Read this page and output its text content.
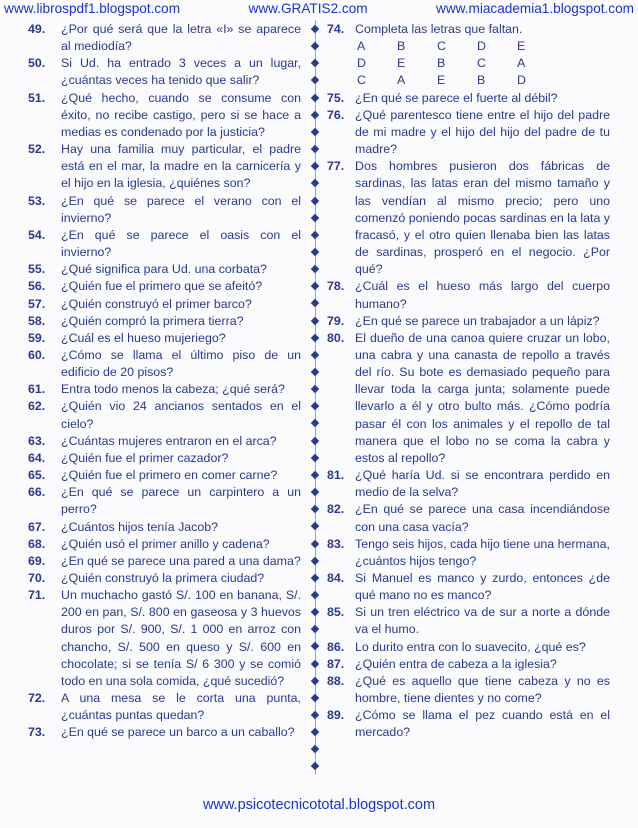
www.librospdf1.blogspot.com	www.GRATIS2.com	www.miacademia1.blogspot.com
49.	¿Por qué será que la letra «I» se aparece al mediodía?
50.	Si Ud. ha entrado 3 veces a un lugar, ¿cuántas veces ha tenido que salir?
51.	¿Qué hecho, cuando se consume con éxito, no recibe castigo, pero si se hace a medias es condenado por la justicia?
52.	Hay una familia muy particular, el padre está en el mar, la madre en la carnicería y el hijo en la iglesia, ¿quiénes son?
53.	¿En qué se parece el verano con el invierno?
54.	¿En qué se parece el oasis con el invierno?
55.	¿Qué significa para Ud. una corbata?
56.	¿Quién fue el primero que se afeitó?
57.	¿Quién construyó el primer barco?
58.	¿Quién compró la primera tierra?
59.	¿Cuál es el hueso mujeriego?
60.	¿Cómo se llama el último piso de un edificio de 20 pisos?
61.	Entra todo menos la cabeza; ¿qué será?
62.	¿Quién vio 24 ancianos sentados en el cielo?
63.	¿Cuántas mujeres entraron en el arca?
64.	¿Quién fue el primer cazador?
65.	¿Quién fue el primero en comer carne?
66.	¿En qué se parece un carpintero a un perro?
67.	¿Cuántos hijos tenía Jacob?
68.	¿Quién usó el primer anillo y cadena?
69.	¿En qué se parece una pared a una dama?
70.	¿Quién construyó la primera ciudad?
71.	Un muchacho gastó S/. 100 en banana, S/. 200 en pan, S/. 800 en gaseosa y 3 huevos duros por S/. 900, S/. 1 000 en arroz con chancho, S/. 500 en queso y S/. 600 en chocolate; si se tenía S/ 6 300 y se comió todo en una sola comida, ¿qué sucedió?
72.	A una mesa se le corta una punta, ¿cuántas puntas quedan?
73.	¿En qué se parece un barco a un caballo?
74. Completa las letras que faltan.
A	B	C	D	E
D	E	B	C	A
C	A	E	B	D
75. ¿En qué se parece el fuerte al débil?
76. ¿Qué parentesco tiene entre el hijo del padre de mi madre y el hijo del hijo del padre de tu madre?
77. Dos hombres pusieron dos fábricas de sardinas, las latas eran del mismo tamaño y las vendían al mismo precio; pero uno comenzó poniendo pocas sardinas en la lata y fracasó, y el otro quien llenaba bien las latas de sardinas, prosperó en el negocio. ¿Por qué?
78. ¿Cuál es el hueso más largo del cuerpo humano?
79. ¿En qué se parece un trabajador a un lápiz?
80. El dueño de una canoa quiere cruzar un lobo, una cabra y una canasta de repollo a través del río. Su bote es demasiado pequeño para llevar toda la carga junta; solamente puede llevarlo a él y otro bulto más. ¿Cómo podría pasar él con los animales y el repollo de tal manera que el lobo no se coma la cabra y estos al repollo?
81. ¿Qué haría Ud. si se encontrara perdido en medio de la selva?
82. ¿En qué se parece una casa incendiándose con una casa vacía?
83. Tengo seis hijos, cada hijo tiene una hermana, ¿cuántos hijos tengo?
84. Si Manuel es manco y zurdo, entonces ¿de qué mano no es manco?
85. Si un tren eléctrico va de sur a norte a dónde va el humo.
86. Lo durito entra con lo suavecito, ¿qué es?
87. ¿Quién entra de cabeza a la iglesia?
88. ¿Qué es aquello que tiene cabeza y no es hombre, tiene dientes y no come?
89. ¿Cómo se llama el pez cuando está en el mercado?
www.psicotecnicototal.blogspot.com
